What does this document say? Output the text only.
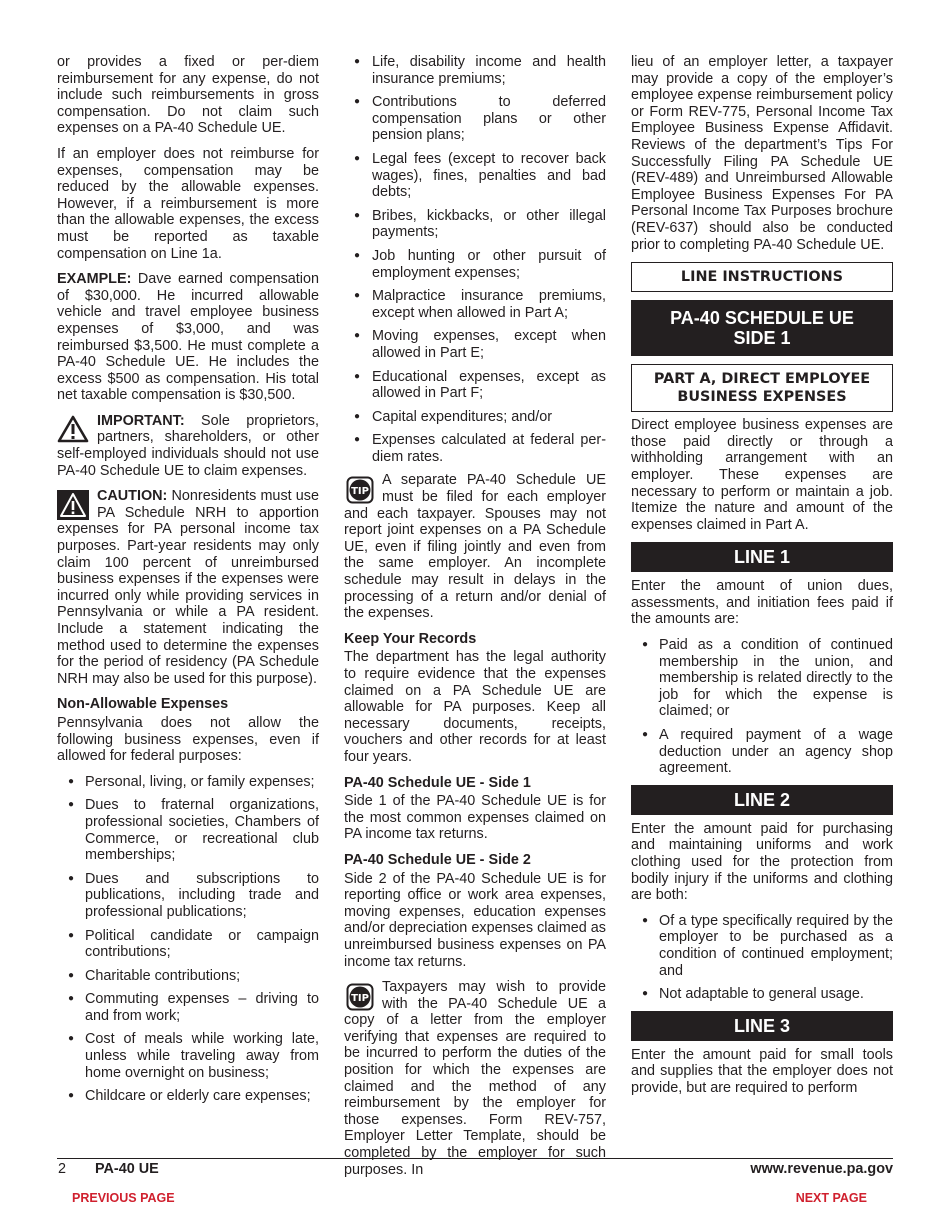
or provides a fixed or per-diem reimbursement for any expense, do not include such reimbursements in gross compensation. Do not claim such expenses on a PA-40 Schedule UE.

If an employer does not reimburse for expenses, compensation may be reduced by the allowable expenses. However, if a reimbursement is more than the allowable expenses, the excess must be reported as taxable compensation on Line 1a.

EXAMPLE: Dave earned compensation of $30,000. He incurred allowable vehicle and travel employee business expenses of $3,000, and was reimbursed $3,500. He must complete a PA-40 Schedule UE. He includes the excess $500 as compensation. His total net taxable compensation is $30,500.

IMPORTANT: Sole proprietors, partners, shareholders, or other self-employed individuals should not use PA-40 Schedule UE to claim expenses.

CAUTION: Nonresidents must use PA Schedule NRH to apportion expenses for PA personal income tax purposes. Part-year residents may only claim 100 percent of unreimbursed business expenses if the expenses were incurred only while providing services in Pennsylvania or while a PA resident. Include a statement indicating the method used to determine the expenses for the period of residency (PA Schedule NRH may also be used for this purpose).

Non-Allowable Expenses

Pennsylvania does not allow the following business expenses, even if allowed for federal purposes:

● Personal, living, or family expenses;
● Dues to fraternal organizations, professional societies, Chambers of Commerce, or recreational club memberships;
● Dues and subscriptions to publications, including trade and professional publications;
● Political candidate or campaign contributions;
● Charitable contributions;
● Commuting expenses – driving to and from work;
● Cost of meals while working late, unless while traveling away from home overnight on business;
● Childcare or elderly care expenses;
● Life, disability income and health insurance premiums;
● Contributions to deferred compensation plans or other pension plans;
● Legal fees (except to recover back wages), fines, penalties and bad debts;
● Bribes, kickbacks, or other illegal payments;
● Job hunting or other pursuit of employment expenses;
● Malpractice insurance premiums, except when allowed in Part A;
● Moving expenses, except when allowed in Part E;
● Educational expenses, except as allowed in Part F;
● Capital expenditures; and/or
● Expenses calculated at federal per-diem rates.

TIP
A separate PA-40 Schedule UE must be filed for each employer and each taxpayer. Spouses may not report joint expenses on a PA Schedule UE, even if filing jointly and even from the same employer. An incomplete schedule may result in delays in the processing of a return and/or denial of the expenses.

Keep Your Records

The department has the legal authority to require evidence that the expenses claimed on a PA Schedule UE are allowable for PA purposes. Keep all necessary documents, receipts, vouchers and other records for at least four years.

PA-40 Schedule UE - Side 1

Side 1 of the PA-40 Schedule UE is for the most common expenses claimed on PA income tax returns.

PA-40 Schedule UE - Side 2

Side 2 of the PA-40 Schedule UE is for reporting office or work area expenses, moving expenses, education expenses and/or depreciation expenses claimed as unreimbursed business expenses on PA income tax returns.

TIP
Taxpayers may wish to provide with the PA-40 Schedule UE a copy of a letter from the employer verifying that expenses are required to be incurred to perform the duties of the position for which the expenses are claimed and the method of any reimbursement by the employer for those expenses. Form REV-757, Employer Letter Template, should be completed by the employer for such purposes. In

lieu of an employer letter, a taxpayer may provide a copy of the employer’s employee expense reimbursement policy or Form REV-775, Personal Income Tax Employee Business Expense Affidavit. Reviews of the department’s Tips For Successfully Filing PA Schedule UE (REV-489) and Unreimbursed Allowable Employee Business Expenses For PA Personal Income Tax Purposes brochure (REV-637) should also be conducted prior to completing PA-40 Schedule UE.

LINE INSTRUCTIONS
PA-40 SCHEDULE UE
SIDE 1
PART A, DIRECT EMPLOYEE
BUSINESS EXPENSES

Direct employee business expenses are those paid directly or through a withholding arrangement with an employer. These expenses are necessary to perform or maintain a job. Itemize the nature and amount of the expenses claimed in Part A.

LINE 1

Enter the amount of union dues, assessments, and initiation fees paid if the amounts are:

● Paid as a condition of continued membership in the union, and membership is related directly to the job for which the expense is claimed; or
● A required payment of a wage deduction under an agency shop agreement.
LINE 2

Enter the amount paid for purchasing and maintaining uniforms and work clothing used for the protection from bodily injury if the uniforms and clothing are both:

● Of a type specifically required by the employer to be purchased as a condition of continued employment; and
● Not adaptable to general usage.
LINE 3

Enter the amount paid for small tools and supplies that the employer does not provide, but are required to perform

2 PA-40 UE	www.revenue.pa.gov
PREVIOUS PAGE	NEXT PAGE
